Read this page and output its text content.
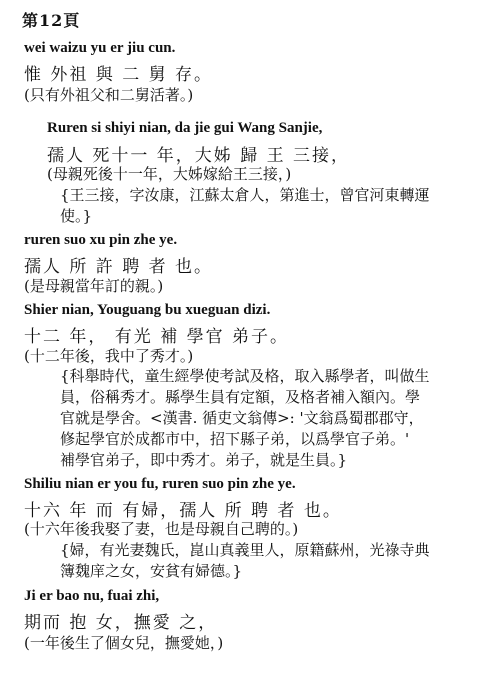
第12頁
wei waizu yu er jiu cun.
惟 外祖 與 二 舅 存。
(只有外祖父和二舅活著。)
Ruren si shiyi nian, da jie gui Wang Sanjie,
孺人 死十一 年，大姊 歸 王 三接，
(母親死後十一年，大姊嫁給王三接，)
{王三接，字汝康，江蘇太倉人，第進士，曾官河東轉運
使。}
ruren suo xu pin zhe ye.
孺人 所 許 聘 者 也。
(是母親當年訂的親。)
Shier nian, Youguang bu xueguan dizi.
十二 年， 有光 補 學官 弟子。
(十二年後，我中了秀才。)
{科舉時代，童生經學使考試及格，取入縣學者，叫做生
員，俗稱秀才。縣學生員有定額，及格者補入額內。學
官就是學舍。<漢書. 循吏文翁傳>: '文翁爲蜀郡郡守，
修起學官於成都市中，招下縣子弟，以爲學官子弟。'
補學官弟子，即中秀才。弟子，就是生員。}
Shiliu nian er you fu, ruren suo pin zhe ye.
十六 年 而 有婦，孺人 所 聘 者 也。
(十六年後我娶了妻，也是母親自己聘的。)
{婦，有光妻魏氏，崑山真義里人，原籍蘇州，光祿寺典
簿魏庠之女，安貧有婦德。}
Ji er bao nu, fuai zhi,
期而 抱 女，撫愛 之，
(一年後生了個女兒，撫愛她，)
